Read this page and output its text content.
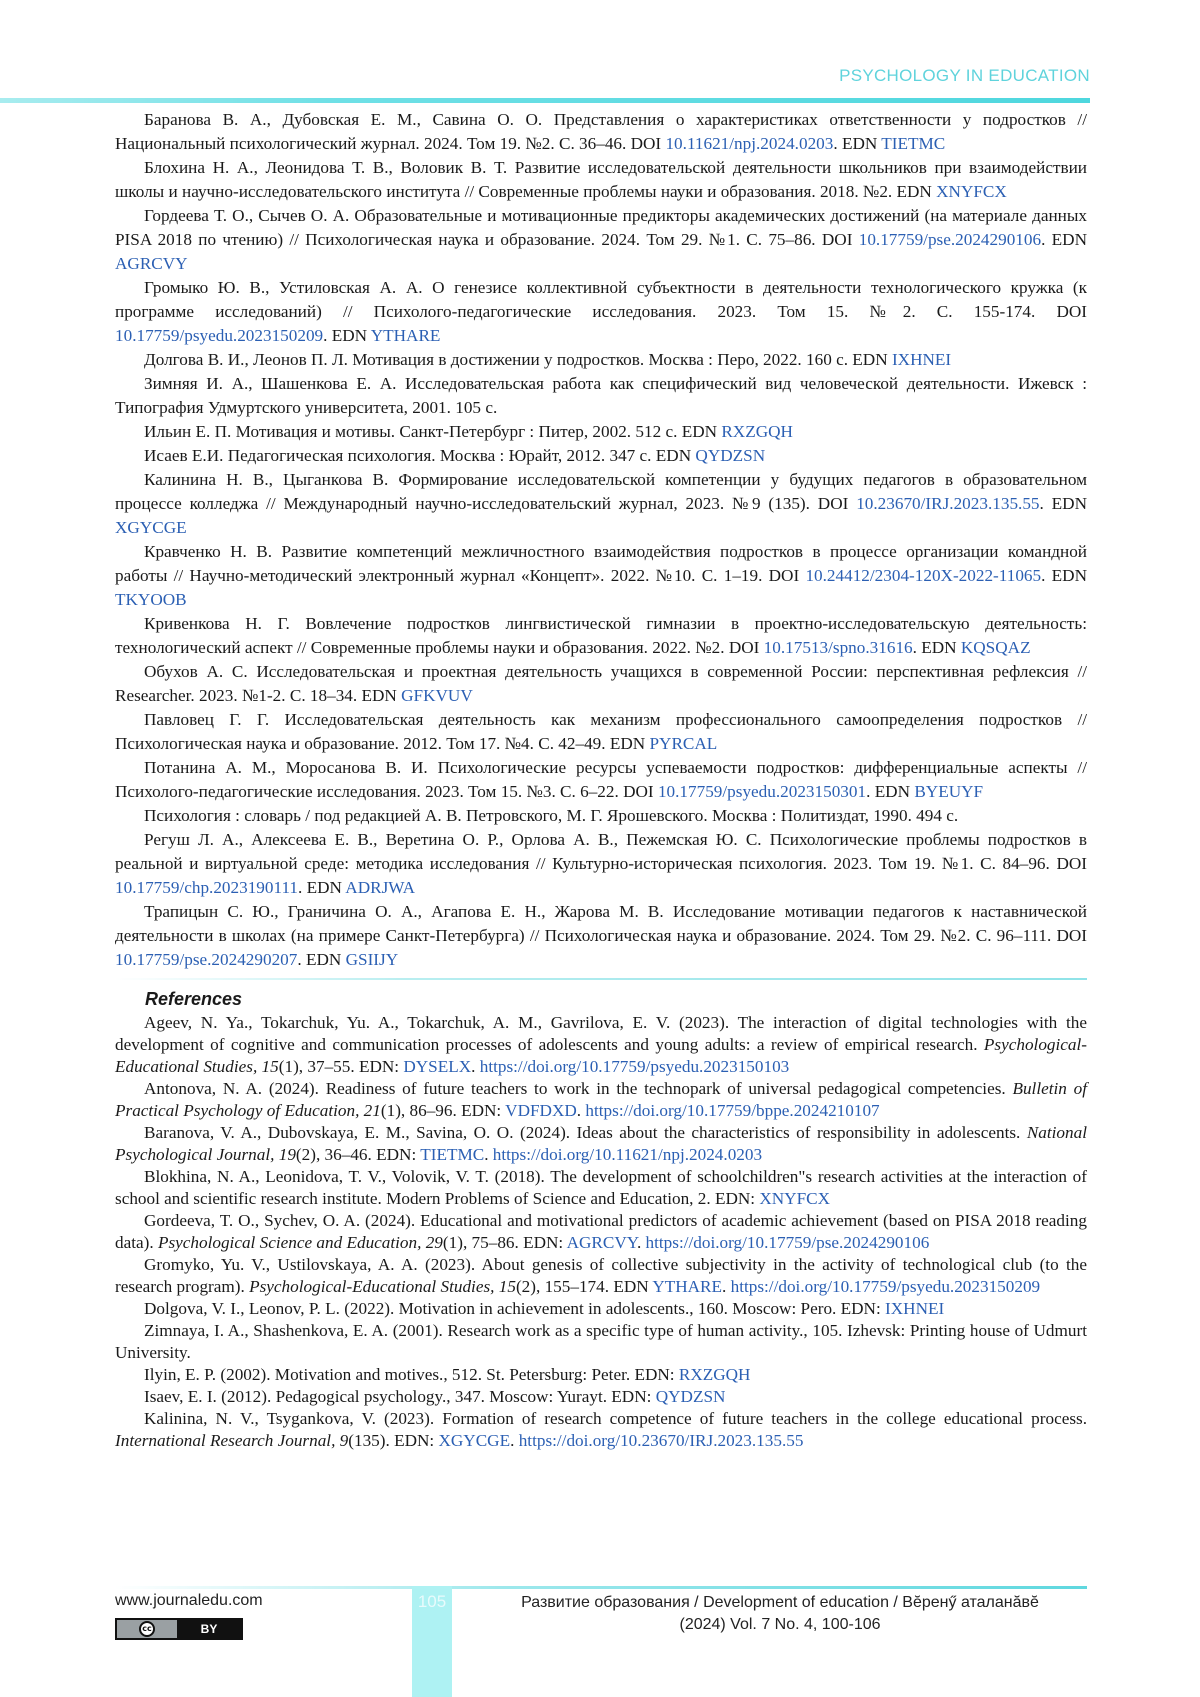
PSYCHOLOGY IN EDUCATION

Баранова В. А., Дубовская Е. М., Савина О. О. Представления о характеристиках ответственности у подростков // Национальный психологический журнал. 2024. Том 19. №2. С. 36–46. DOI 10.11621/npj.2024.0203. EDN TIETMC

Блохина Н. А., Леонидова Т. В., Воловик В. Т. Развитие исследовательской деятельности школьников при взаимодействии школы и научно-исследовательского института // Современные проблемы науки и образования. 2018. №2. EDN XNYFCX

Гордеева Т. О., Сычев О. А. Образовательные и мотивационные предикторы академических достижений (на материале данных PISA 2018 по чтению) // Психологическая наука и образование. 2024. Том 29. №1. С. 75–86. DOI 10.17759/pse.2024290106. EDN AGRCVY

Громыко Ю. В., Устиловская А. А. О генезисе коллективной субъектности в деятельности технологического кружка (к программе исследований) // Психолого-педагогические исследования. 2023. Том 15. №2. С. 155-174. DOI 10.17759/psyedu.2023150209. EDN YTHARE

Долгова В. И., Леонов П. Л. Мотивация в достижении у подростков. Москва : Перо, 2022. 160 с. EDN IXHNEI

Зимняя И. А., Шашенкова Е. А. Исследовательская работа как специфический вид человеческой деятельности. Ижевск : Типография Удмуртского университета, 2001. 105 с.

Ильин Е. П. Мотивация и мотивы. Санкт-Петербург : Питер, 2002. 512 с. EDN RXZGQH

Исаев Е.И. Педагогическая психология. Москва : Юрайт, 2012. 347 с. EDN QYDZSN

Калинина Н. В., Цыганкова В. Формирование исследовательской компетенции у будущих педагогов в образовательном процессе колледжа // Международный научно-исследовательский журнал, 2023. №9 (135). DOI 10.23670/IRJ.2023.135.55. EDN XGYCGE

Кравченко Н. В. Развитие компетенций межличностного взаимодействия подростков в процессе организации командной работы // Научно-методический электронный журнал «Концепт». 2022. №10. С. 1–19. DOI 10.24412/2304-120X-2022-11065. EDN TKYOOB

Кривенкова Н. Г. Вовлечение подростков лингвистической гимназии в проектно-исследовательскую деятельность: технологический аспект // Современные проблемы науки и образования. 2022. №2. DOI 10.17513/spno.31616. EDN KQSQAZ

Обухов А. С. Исследовательская и проектная деятельность учащихся в современной России: перспективная рефлексия // Researcher. 2023. №1-2. С. 18–34. EDN GFKVUV

Павловец Г. Г. Исследовательская деятельность как механизм профессионального самоопределения подростков // Психологическая наука и образование. 2012. Том 17. №4. С. 42–49. EDN PYRCAL

Потанина А. М., Моросанова В. И. Психологические ресурсы успеваемости подростков: дифференциальные аспекты // Психолого-педагогические исследования. 2023. Том 15. №3. С. 6–22. DOI 10.17759/psyedu.2023150301. EDN BYEUYF

Психология : словарь / под редакцией А. В. Петровского, М. Г. Ярошевского. Москва : Политиздат, 1990. 494 с.

Регуш Л. А., Алексеева Е. В., Веретина О. Р., Орлова А. В., Пежемская Ю. С. Психологические проблемы подростков в реальной и виртуальной среде: методика исследования // Культурно-историческая психология. 2023. Том 19. №1. С. 84–96. DOI 10.17759/chp.2023190111. EDN ADRJWA

Трапицын С. Ю., Граничина О. А., Агапова Е. Н., Жарова М. В. Исследование мотивации педагогов к наставнической деятельности в школах (на примере Санкт-Петербурга) // Психологическая наука и образование. 2024. Том 29. №2. С. 96–111. DOI 10.17759/pse.2024290207. EDN GSIIJY

References

Ageev, N. Ya., Tokarchuk, Yu. A., Tokarchuk, A. M., Gavrilova, E. V. (2023). The interaction of digital technologies with the development of cognitive and communication processes of adolescents and young adults: a review of empirical research. Psychological-Educational Studies, 15(1), 37–55. EDN: DYSELX. https://doi.org/10.17759/psyedu.2023150103

Antonova, N. A. (2024). Readiness of future teachers to work in the technopark of universal pedagogical competencies. Bulletin of Practical Psychology of Education, 21(1), 86–96. EDN: VDFDXD. https://doi.org/10.17759/bppe.2024210107

Baranova, V. A., Dubovskaya, E. M., Savina, O. O. (2024). Ideas about the characteristics of responsibility in adolescents. National Psychological Journal, 19(2), 36–46. EDN: TIETMC. https://doi.org/10.11621/npj.2024.0203

Blokhina, N. A., Leonidova, T. V., Volovik, V. T. (2018). The development of schoolchildren"s research activities at the interaction of school and scientific research institute. Modern Problems of Science and Education, 2. EDN: XNYFCX

Gordeeva, T. O., Sychev, O. A. (2024). Educational and motivational predictors of academic achievement (based on PISA 2018 reading data). Psychological Science and Education, 29(1), 75–86. EDN: AGRCVY. https://doi.org/10.17759/pse.2024290106

Gromyko, Yu. V., Ustilovskaya, A. A. (2023). About genesis of collective subjectivity in the activity of technological club (to the research program). Psychological-Educational Studies, 15(2), 155–174. EDN YTHARE. https://doi.org/10.17759/psyedu.2023150209

Dolgova, V. I., Leonov, P. L. (2022). Motivation in achievement in adolescents., 160. Moscow: Pero. EDN: IXHNEI

Zimnaya, I. A., Shashenkova, E. A. (2001). Research work as a specific type of human activity., 105. Izhevsk: Printing house of Udmurt University.

Ilyin, E. P. (2002). Motivation and motives., 512. St. Petersburg: Peter. EDN: RXZGQH

Isaev, E. I. (2012). Pedagogical psychology., 347. Moscow: Yurayt. EDN: QYDZSN

Kalinina, N. V., Tsygankova, V. (2023). Formation of research competence of future teachers in the college educational process. International Research Journal, 9(135). EDN: XGYCGE. https://doi.org/10.23670/IRJ.2023.135.55

105
www.journaledu.com
cc	BY
Развитие образования / Development of education / Вĕренӳ аталанăвĕ
(2024) Vol. 7 No. 4, 100-106
